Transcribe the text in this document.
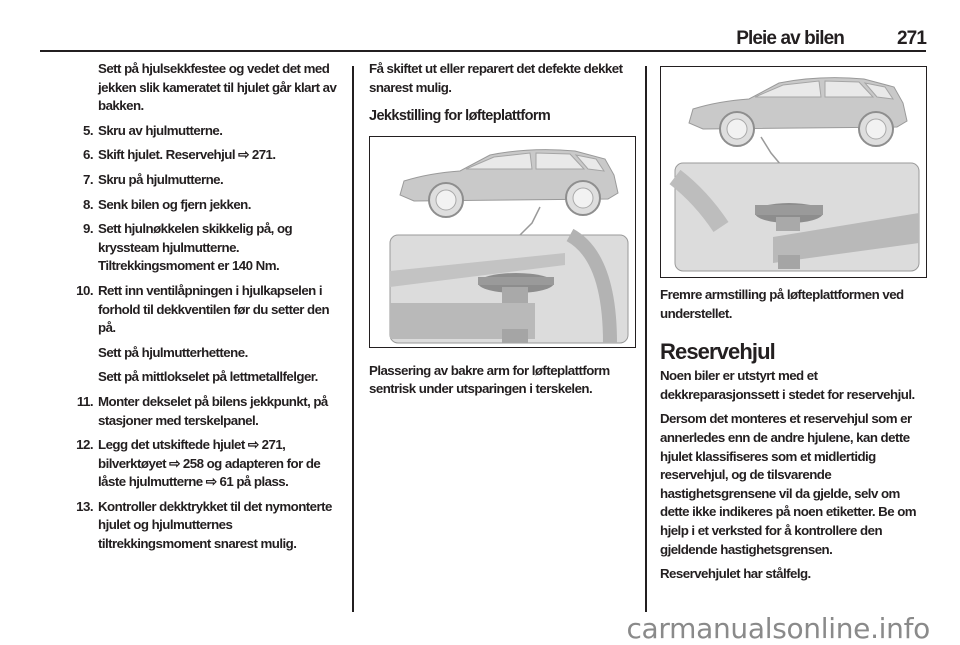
Pleie av bilen	271

Sett på hjulsekkfestee og vedet det med jekken slik kameratet til hjulet går klart av bakken.

5. Skru av hjulmutterne.
6. Skift hjulet. Reservehjul ⇨ 271.
7. Skru på hjulmutterne.
8. Senk bilen og fjern jekken.
9. Sett hjulnøkkelen skikkelig på, og kryssteam hjulmutterne. Tiltrekkingsmoment er 140 Nm.
10. Rett inn ventilåpningen i hjulkapselen i forhold til dekkventilen før du setter den på.

Sett på hjulmutterhettene.

Sett på mittlokselet på lettmetallfelger.

11. Monter dekselet på bilens jekkpunkt, på stasjoner med terskelpanel.
12. Legg det utskiftede hjulet ⇨ 271, bilverktøyet ⇨ 258 og adapteren for de låste hjulmutterne ⇨ 61 på plass.
13. Kontroller dekktrykket til det nymonterte hjulet og hjulmutternes tiltrekkingsmoment snarest mulig.

Få skiftet ut eller reparert det defekte dekket snarest mulig.

Jekkstilling for løfteplattform

Plassering av bakre arm for løfteplattform sentrisk under utsparingen i terskelen.

Fremre armstilling på løfteplattformen ved understellet.

Reservehjul

Noen biler er utstyrt med et dekkreparasjonssett i stedet for reservehjul.

Dersom det monteres et reservehjul som er annerledes enn de andre hjulene, kan dette hjulet klassifiseres som et midlertidig reservehjul, og de tilsvarende hastighetsgrensene vil da gjelde, selv om dette ikke indikeres på noen etiketter. Be om hjelp i et verksted for å kontrollere den gjeldende hastighetsgrensen.

Reservehjulet har stålfelg.

carmanualsonline.info
